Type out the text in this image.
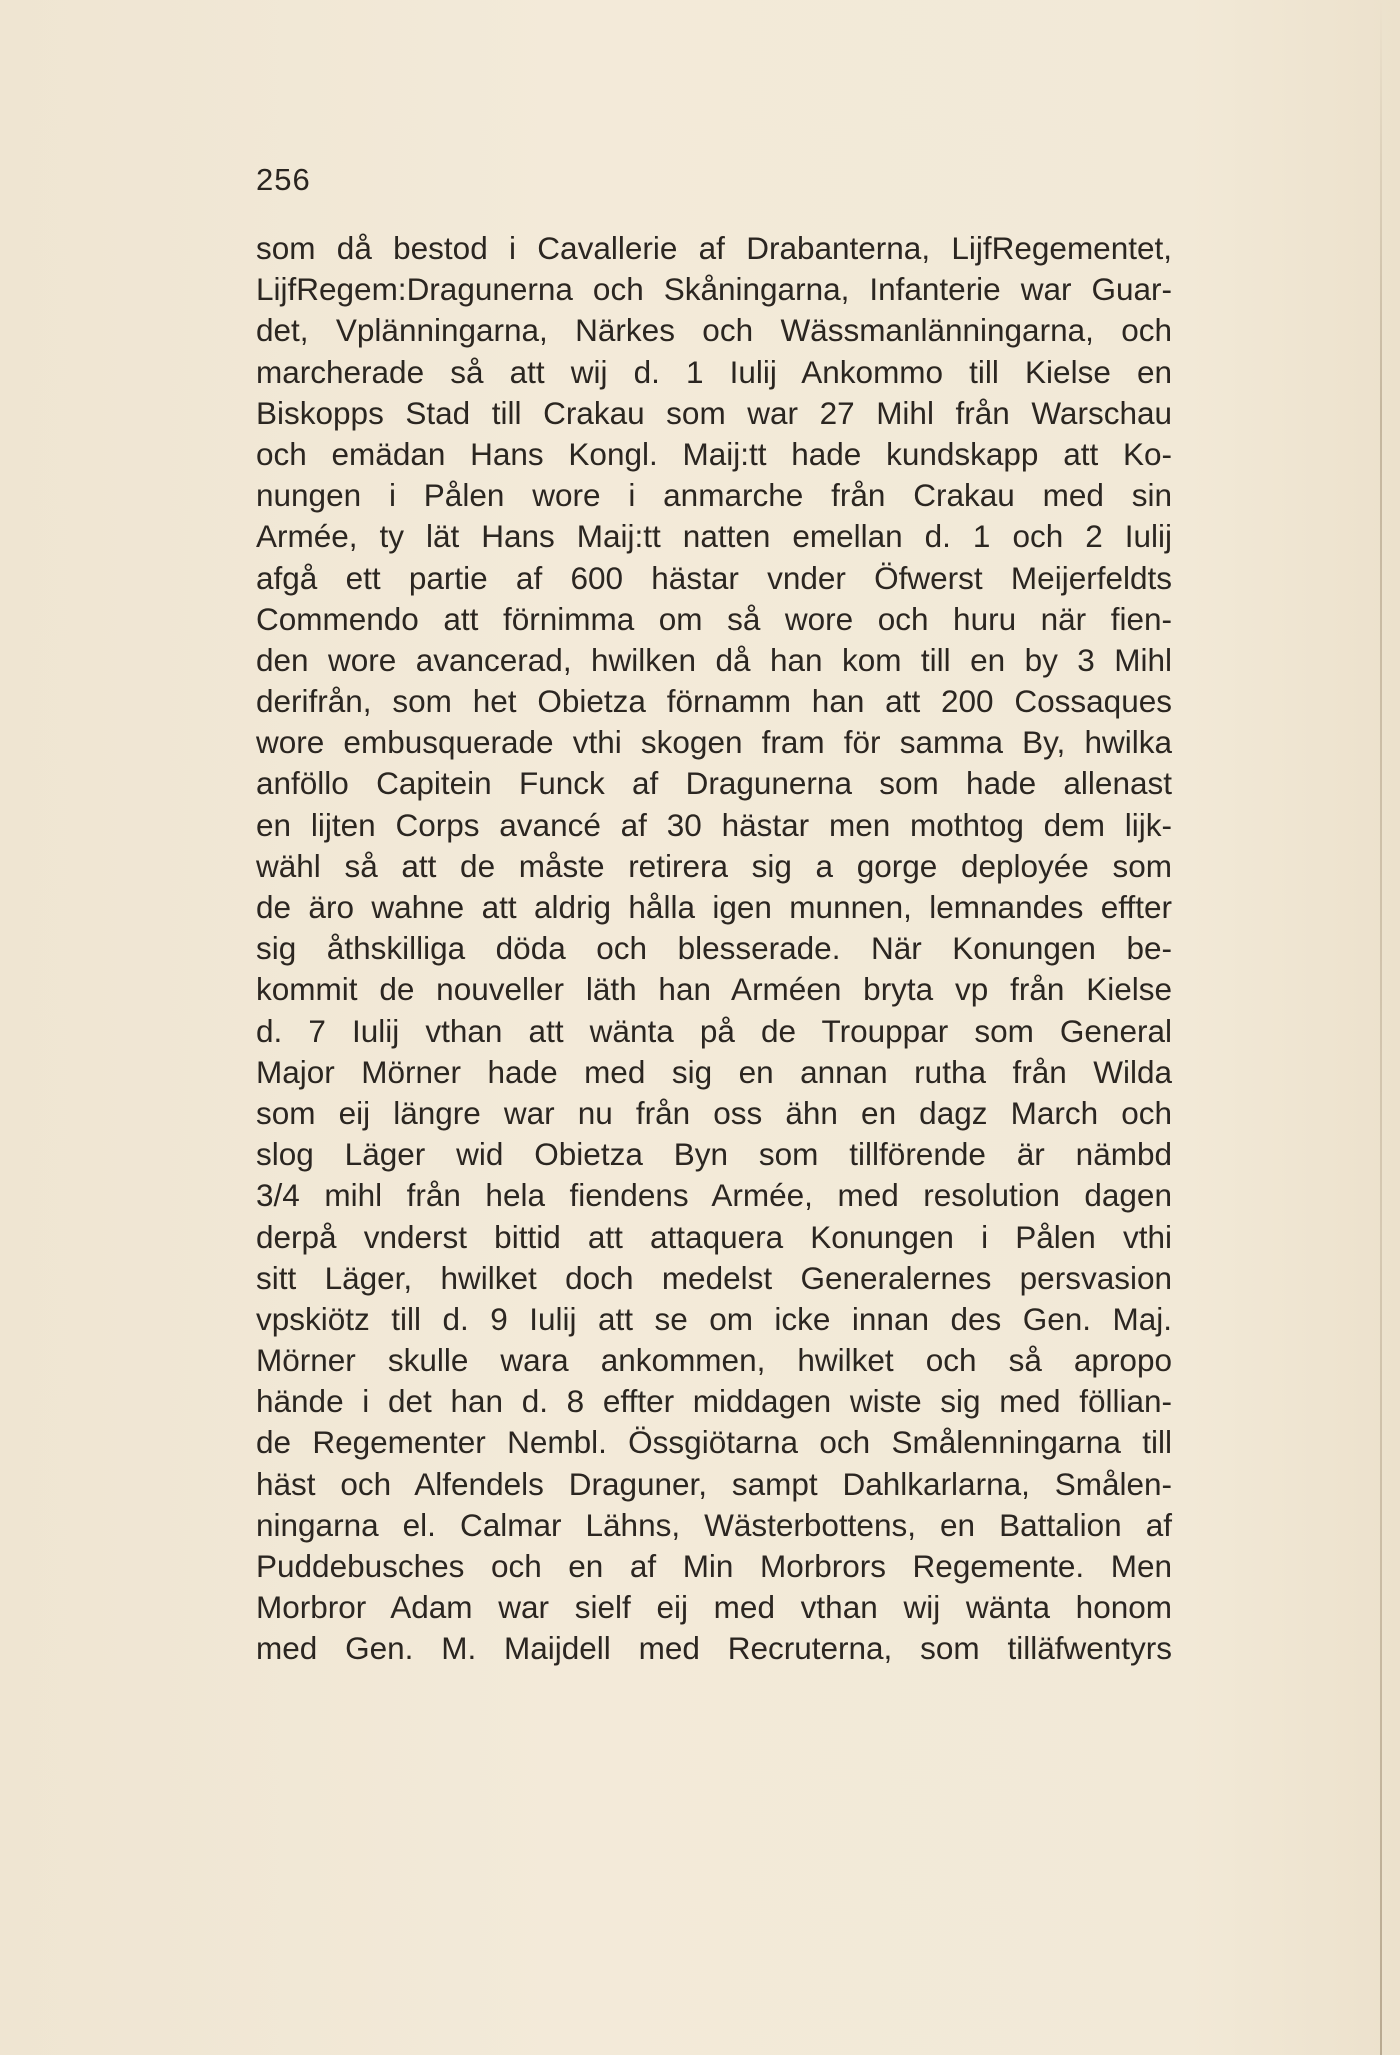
256
som då bestod i Cavallerie af Drabanterna, LijfRegementet,
LijfRegem:Dragunerna och Skåningarna, Infanterie war Guar-
det, Vplänningarna, Närkes och Wässmanlänningarna, och
marcherade så att wij d. 1 Iulij Ankommo till Kielse en
Biskopps Stad till Crakau som war 27 Mihl från Warschau
och emädan Hans Kongl. Maij:tt hade kundskapp att Ko-
nungen i Pålen wore i anmarche från Crakau med sin
Armée, ty lät Hans Maij:tt natten emellan d. 1 och 2 Iulij
afgå ett partie af 600 hästar vnder Öfwerst Meijerfeldts
Commendo att förnimma om så wore och huru när fien-
den wore avancerad, hwilken då han kom till en by 3 Mihl
derifrån, som het Obietza förnamm han att 200 Cossaques
wore embusquerade vthi skogen fram för samma By, hwilka
anföllo Capitein Funck af Dragunerna som hade allenast
en lijten Corps avancé af 30 hästar men mothtog dem lijk-
wähl så att de måste retirera sig a gorge deployée som
de äro wahne att aldrig hålla igen munnen, lemnandes effter
sig åthskilliga döda och blesserade. När Konungen be-
kommit de nouveller läth han Arméen bryta vp från Kielse
d. 7 Iulij vthan att wänta på de Trouppar som General
Major Mörner hade med sig en annan rutha från Wilda
som eij längre war nu från oss ähn en dagz March och
slog Läger wid Obietza Byn som tillförende är nämbd
3/4 mihl från hela fiendens Armée, med resolution dagen
derpå vnderst bittid att attaquera Konungen i Pålen vthi
sitt Läger, hwilket doch medelst Generalernes persvasion
vpskiötz till d. 9 Iulij att se om icke innan des Gen. Maj.
Mörner skulle wara ankommen, hwilket och så apropo
hände i det han d. 8 effter middagen wiste sig med föllian-
de Regementer Nembl. Össgiötarna och Smålenningarna till
häst och Alfendels Draguner, sampt Dahlkarlarna, Smålen-
ningarna el. Calmar Lähns, Wästerbottens, en Battalion af
Puddebusches och en af Min Morbrors Regemente. Men
Morbror Adam war sielf eij med vthan wij wänta honom
med Gen. M. Maijdell med Recruterna, som tilläfwentyrs
